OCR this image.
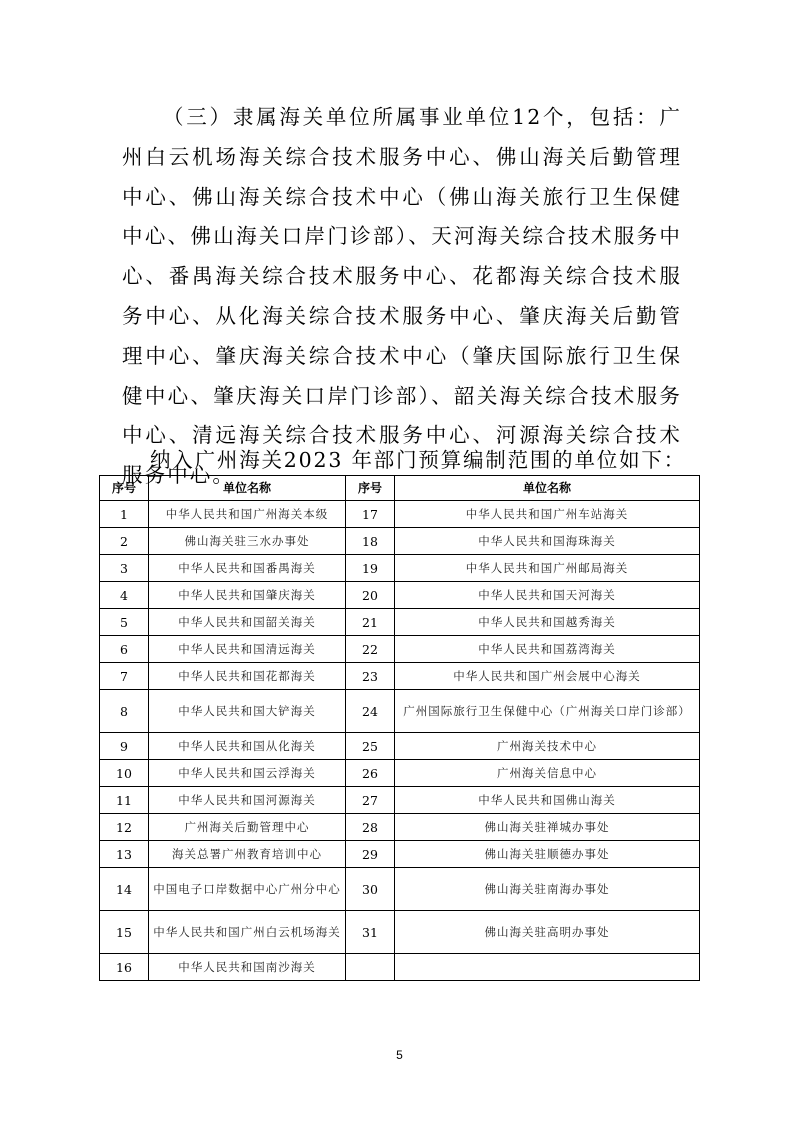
（三）隶属海关单位所属事业单位12个，包括：广州白云机场海关综合技术服务中心、佛山海关后勤管理中心、佛山海关综合技术中心（佛山海关旅行卫生保健中心、佛山海关口岸门诊部）、天河海关综合技术服务中心、番禺海关综合技术服务中心、花都海关综合技术服务中心、从化海关综合技术服务中心、肇庆海关后勤管理中心、肇庆海关综合技术中心（肇庆国际旅行卫生保健中心、肇庆海关口岸门诊部）、韶关海关综合技术服务中心、清远海关综合技术服务中心、河源海关综合技术服务中心。

纳入广州海关2023 年部门预算编制范围的单位如下：

序号	单位名称	序号	单位名称
1	中华人民共和国广州海关本级	17	中华人民共和国广州车站海关
2	佛山海关驻三水办事处	18	中华人民共和国海珠海关
3	中华人民共和国番禺海关	19	中华人民共和国广州邮局海关
4	中华人民共和国肇庆海关	20	中华人民共和国天河海关
5	中华人民共和国韶关海关	21	中华人民共和国越秀海关
6	中华人民共和国清远海关	22	中华人民共和国荔湾海关
7	中华人民共和国花都海关	23	中华人民共和国广州会展中心海关
8	中华人民共和国大铲海关	24	广州国际旅行卫生保健中心（广州海关口岸门诊部）
9	中华人民共和国从化海关	25	广州海关技术中心
10	中华人民共和国云浮海关	26	广州海关信息中心
11	中华人民共和国河源海关	27	中华人民共和国佛山海关
12	广州海关后勤管理中心	28	佛山海关驻禅城办事处
13	海关总署广州教育培训中心	29	佛山海关驻顺德办事处
14	中国电子口岸数据中心广州分中心	30	佛山海关驻南海办事处
15	中华人民共和国广州白云机场海关	31	佛山海关驻高明办事处
16	中华人民共和国南沙海关		
5
